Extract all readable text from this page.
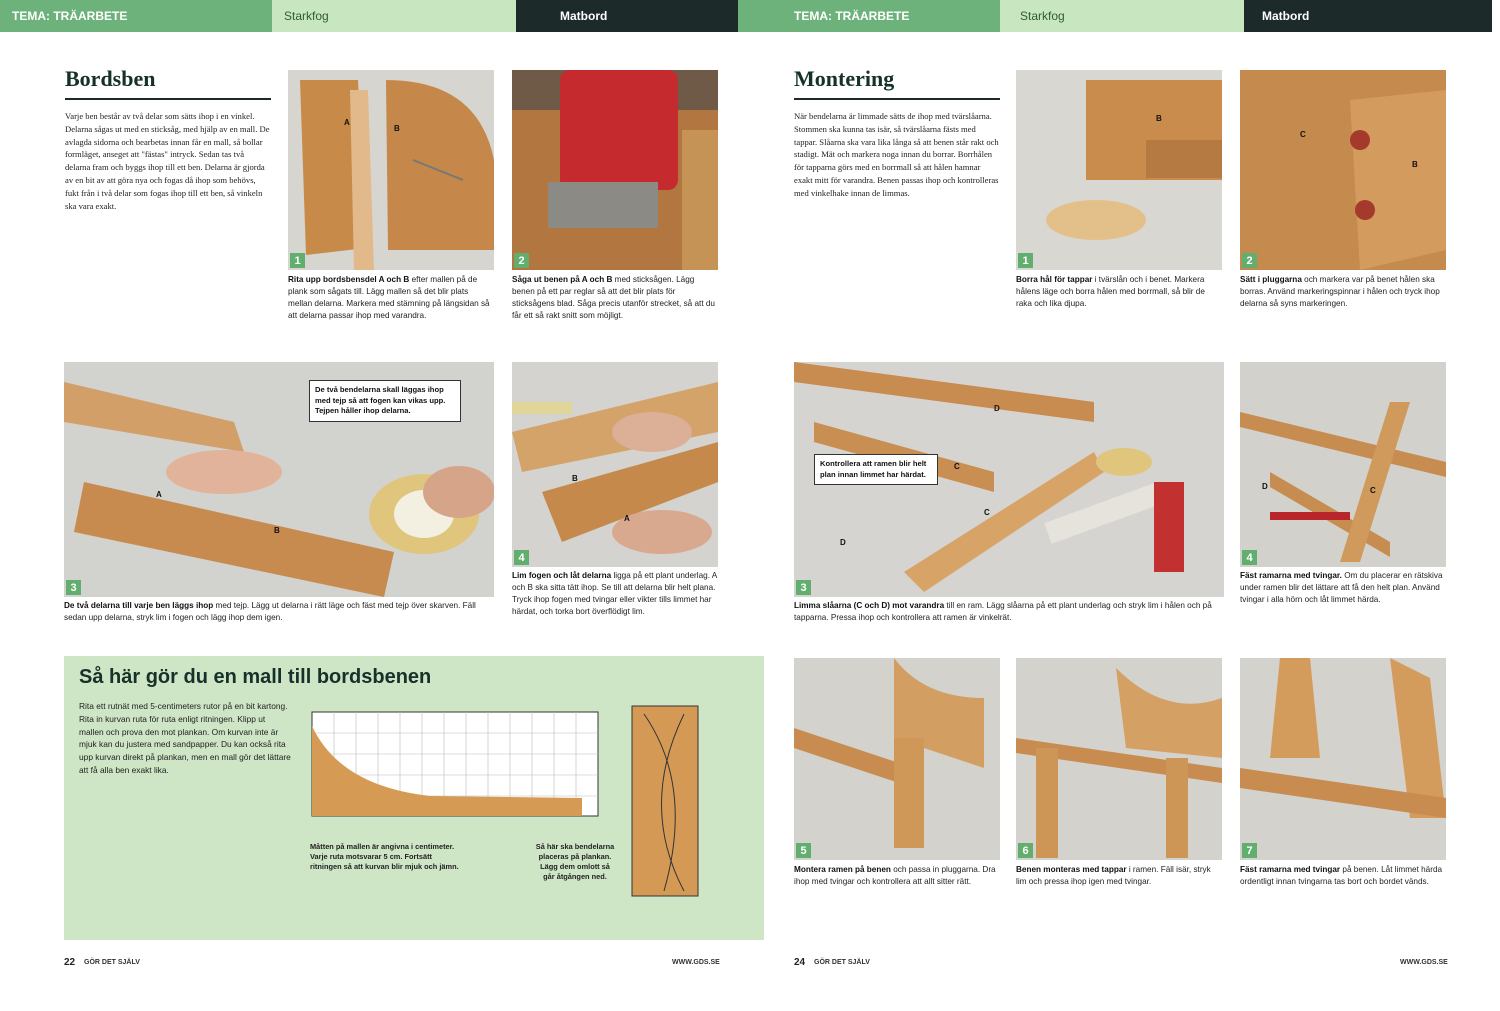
TEMA: TRÄARBETE	Starkfog	Matbord	TEMA: TRÄARBETE	Starkfog	Matbord
Bordsben
Varje ben består av två delar som sätts ihop i en vinkel. Delarna sågas ut med en sticksåg, med hjälp av en mall. De avlagda sidorna och bearbetas innan får en mall, så bollar formläget, anseget att "fästas" intryck. Sedan tas två delarna fram och byggs ihop till ett ben. Delarna är gjorda av en bit av att göra nya och fogas då ihop som behövs, fukt från i två delar som fogas ihop till ett ben, så vinkeln ska vara exakt.
A
B
1
Rita upp bordsbensdel A och B efter mallen på de plank som sågats till. Lägg mallen så det blir plats mellan delarna. Markera med stämning på längsidan så att delarna passar ihop med varandra.
2
Såga ut benen på A och B med sticksågen. Lägg benen på ett par reglar så att det blir plats för sticksågens blad. Såga precis utanför strecket, så att du får ett så rakt snitt som möjligt.
De två bendelarna skall läggas ihop med tejp så att fogen kan vikas upp. Tejpen håller ihop delarna.
A
B
3
De två delarna till varje ben läggs ihop med tejp. Lägg ut delarna i rätt läge och fäst med tejp över skarven. Fäll sedan upp delarna, stryk lim i fogen och lägg ihop dem igen.
B
A
4
Lim fogen och låt delarna ligga på ett plant underlag. A och B ska sitta tätt ihop. Se till att delarna blir helt plana. Tryck ihop fogen med tvingar eller vikter tills limmet har härdat, och torka bort överflödigt lim.
Så här gör du en mall till bordsbenen
Rita ett rutnät med 5-centimeters rutor på en bit kartong. Rita in kurvan ruta för ruta enligt ritningen. Klipp ut mallen och prova den mot plankan. Om kurvan inte är mjuk kan du justera med sandpapper. Du kan också rita upp kurvan direkt på plankan, men en mall gör det lättare att få alla ben exakt lika.
Måtten på mallen är angivna i centimeter. Varje ruta motsvarar 5 cm. Fortsätt ritningen så att kurvan blir mjuk och jämn.
Så här ska bendelarna placeras på plankan. Lägg dem omlott så går åtgången ned.
22 GÖR DET SJÄLV	WWW.GDS.SE
Montering
När bendelarna är limmade sätts de ihop med tvärslåarna. Stommen ska kunna tas isär, så tvärslåarna fästs med tappar. Slåarna ska vara lika långa så att benen står rakt och stadigt. Mät och markera noga innan du borrar. Borrhålen för tapparna görs med en borrmall så att hålen hamnar exakt mitt för varandra. Benen passas ihop och kontrolleras med vinkelhake innan de limmas.
B
1
Borra hål för tappar i tvärslån och i benet. Markera hålens läge och borra hålen med borrmall, så blir de raka och lika djupa.
C
B
2
Sätt i pluggarna och markera var på benet hålen ska borras. Använd markeringspinnar i hålen och tryck ihop delarna så syns markeringen.
Kontrollera att ramen blir helt plan innan limmet har härdat.
D
C
C
D
3
Limma slåarna (C och D) mot varandra till en ram. Lägg slåarna på ett plant underlag och stryk lim i hålen och på tapparna. Pressa ihop och kontrollera att ramen är vinkelrät.
D	C
4
Fäst ramarna med tvingar. Om du placerar en rätskiva under ramen blir det lättare att få den helt plan. Använd tvingar i alla hörn och låt limmet härda.
5
Montera ramen på benen och passa in pluggarna. Dra ihop med tvingar och kontrollera att allt sitter rätt.
6
Benen monteras med tappar i ramen. Fäll isär, stryk lim och pressa ihop igen med tvingar.
7
Fäst ramarna med tvingar på benen. Låt limmet härda ordentligt innan tvingarna tas bort och bordet vänds.
24 GÖR DET SJÄLV	WWW.GDS.SE
